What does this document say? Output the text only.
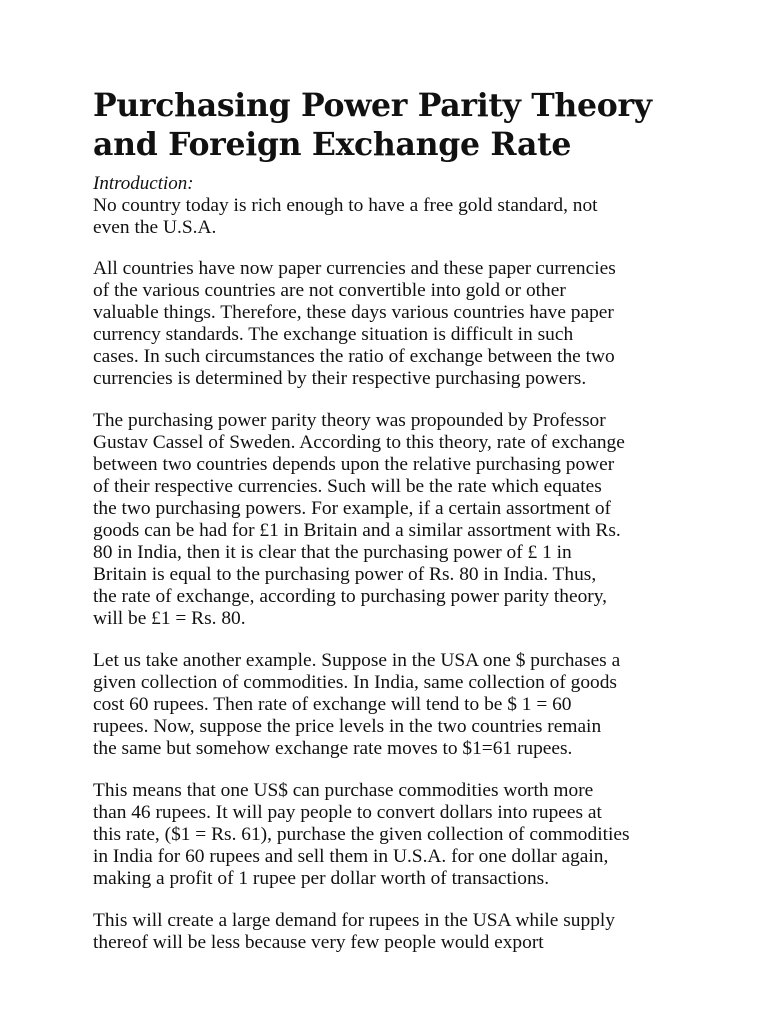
Purchasing Power Parity Theory
and Foreign Exchange Rate
Introduction:

No country today is rich enough to have a free gold standard, not
even the U.S.A.

All countries have now paper currencies and these paper currencies
of the various countries are not convertible into gold or other
valuable things. Therefore, these days various countries have paper
currency standards. The exchange situation is difficult in such
cases. In such circumstances the ratio of exchange between the two
currencies is determined by their respective purchasing powers.

The purchasing power parity theory was propounded by Professor
Gustav Cassel of Sweden. According to this theory, rate of exchange
between two countries depends upon the relative purchasing power
of their respective currencies. Such will be the rate which equates
the two purchasing powers. For example, if a certain assortment of
goods can be had for £1 in Britain and a similar assortment with Rs.
80 in India, then it is clear that the purchasing power of £ 1 in
Britain is equal to the purchasing power of Rs. 80 in India. Thus,
the rate of exchange, according to purchasing power parity theory,
will be £1 = Rs. 80.

Let us take another example. Suppose in the USA one $ purchases a
given collection of commodities. In India, same collection of goods
cost 60 rupees. Then rate of exchange will tend to be $ 1 = 60
rupees. Now, suppose the price levels in the two countries remain
the same but somehow exchange rate moves to $1=61 rupees.

This means that one US$ can purchase commodities worth more
than 46 rupees. It will pay people to convert dollars into rupees at
this rate, ($1 = Rs. 61), purchase the given collection of commodities
in India for 60 rupees and sell them in U.S.A. for one dollar again,
making a profit of 1 rupee per dollar worth of transactions.

This will create a large demand for rupees in the USA while supply
thereof will be less because very few people would export
